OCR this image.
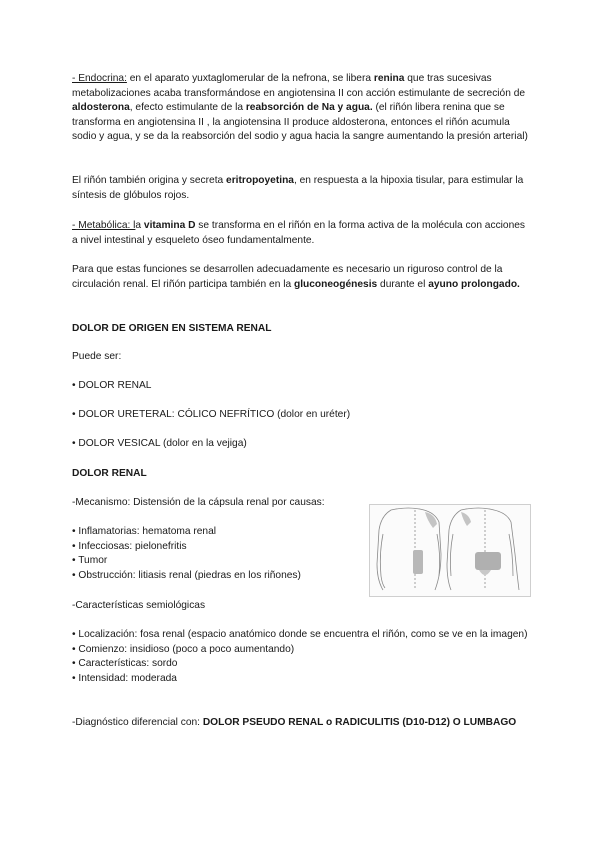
- Endocrina: en el aparato yuxtaglomerular de la nefrona, se libera renina que tras sucesivas metabolizaciones acaba transformándose en angiotensina II con acción estimulante de secreción de aldosterona, efecto estimulante de la reabsorción de Na y agua. (el riñón libera renina que se transforma en angiotensina II , la angiotensina II produce aldosterona, entonces el riñón acumula sodio y agua, y se da la reabsorción del sodio y agua hacia la sangre aumentando la presión arterial)
El riñón también origina y secreta eritropoyetina, en respuesta a la hipoxia tisular, para estimular la síntesis de glóbulos rojos.
- Metabólica: la vitamina D se transforma en el riñón en la forma activa de la molécula con acciones a nivel intestinal y esqueleto óseo fundamentalmente.
Para que estas funciones se desarrollen adecuadamente es necesario un riguroso control de la circulación renal. El riñón participa también en la gluconeogénesis durante el ayuno prolongado.
DOLOR DE ORIGEN EN SISTEMA RENAL
Puede ser:
• DOLOR RENAL
• DOLOR URETERAL: CÓLICO NEFRÍTICO (dolor en uréter)
• DOLOR VESICAL (dolor en la vejiga)
DOLOR RENAL
-Mecanismo: Distensión de la cápsula renal por causas:
• Inflamatorias: hematoma renal
• Infecciosas: pielonefritis
• Tumor
• Obstrucción: litiasis renal (piedras en los riñones)
-Características semiológicas
• Localización: fosa renal (espacio anatómico donde se encuentra el riñón, como se ve en la imagen)
• Comienzo: insidioso (poco a poco aumentando)
• Características: sordo
• Intensidad: moderada
-Diagnóstico diferencial con: DOLOR PSEUDO RENAL o RADICULITIS (D10-D12) O LUMBAGO
